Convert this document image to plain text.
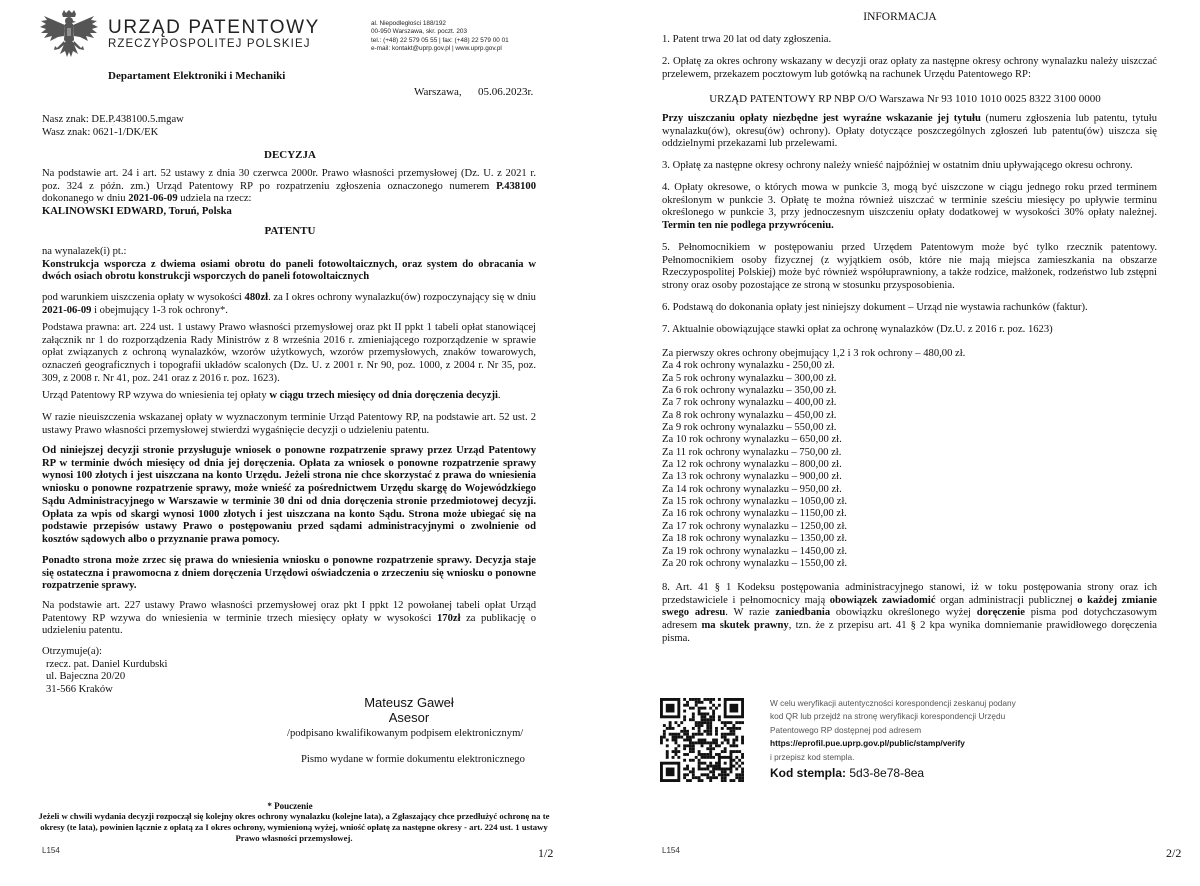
URZĄD PATENTOWY
RZECZYPOSPOLITEJ POLSKIEJ
al. Niepodległości 188/192
00-950 Warszawa, skr. poczt. 203
tel.: (+48) 22 579 05 55 | fax: (+48) 22 579 00 01
e-mail: kontakt@uprp.gov.pl | www.uprp.gov.pl
Departament Elektroniki i Mechaniki
Warszawa, 05.06.2023r.
Nasz znak: DE.P.438100.5.mgaw
Wasz znak: 0621-1/DK/EK
DECYZJA
Na podstawie art. 24 i art. 52 ustawy z dnia 30 czerwca 2000r. Prawo własności przemysłowej (Dz. U. z 2021 r. poz. 324 z późn. zm.) Urząd Patentowy RP po rozpatrzeniu zgłoszenia oznaczonego numerem P.438100 dokonanego w dniu 2021-06-09 udziela na rzecz:
KALINOWSKI EDWARD, Toruń, Polska
PATENTU
na wynalazek(i) pt.:
Konstrukcja wsporcza z dwiema osiami obrotu do paneli fotowoltaicznych, oraz system do obracania w dwóch osiach obrotu konstrukcji wsporczych do paneli fotowoltaicznych
pod warunkiem uiszczenia opłaty w wysokości 480zł. za I okres ochrony wynalazku(ów) rozpoczynający się w dniu 2021-06-09 i obejmujący 1-3 rok ochrony*.
Podstawa prawna: art. 224 ust. 1 ustawy Prawo własności przemysłowej oraz pkt II ppkt 1 tabeli opłat stanowiącej załącznik nr 1 do rozporządzenia Rady Ministrów z 8 września 2016 r. zmieniającego rozporządzenie w sprawie opłat związanych z ochroną wynalazków, wzorów użytkowych, wzorów przemysłowych, znaków towarowych, oznaczeń geograficznych i topografii układów scalonych (Dz. U. z 2001 r. Nr 90, poz. 1000, z 2004 r. Nr 35, poz. 309, z 2008 r. Nr 41, poz. 241 oraz z 2016 r. poz. 1623).
Urząd Patentowy RP wzywa do wniesienia tej opłaty w ciągu trzech miesięcy od dnia doręczenia decyzji.
W razie nieuiszczenia wskazanej opłaty w wyznaczonym terminie Urząd Patentowy RP, na podstawie art. 52 ust. 2 ustawy Prawo własności przemysłowej stwierdzi wygaśnięcie decyzji o udzieleniu patentu.
Od niniejszej decyzji stronie przysługuje wniosek o ponowne rozpatrzenie sprawy przez Urząd Patentowy RP w terminie dwóch miesięcy od dnia jej doręczenia. Opłata za wniosek o ponowne rozpatrzenie sprawy wynosi 100 złotych i jest uiszczana na konto Urzędu. Jeżeli strona nie chce skorzystać z prawa do wniesienia wniosku o ponowne rozpatrzenie sprawy, może wnieść za pośrednictwem Urzędu skargę do Wojewódzkiego Sądu Administracyjnego w Warszawie w terminie 30 dni od dnia doręczenia stronie przedmiotowej decyzji. Opłata za wpis od skargi wynosi 1000 złotych i jest uiszczana na konto Sądu. Strona może ubiegać się na podstawie przepisów ustawy Prawo o postępowaniu przed sądami administracyjnymi o zwolnienie od kosztów sądowych albo o przyznanie prawa pomocy.
Ponadto strona może zrzec się prawa do wniesienia wniosku o ponowne rozpatrzenie sprawy. Decyzja staje się ostateczna i prawomocna z dniem doręczenia Urzędowi oświadczenia o zrzeczeniu się wniosku o ponowne rozpatrzenie sprawy.
Na podstawie art. 227 ustawy Prawo własności przemysłowej oraz pkt I ppkt 12 powołanej tabeli opłat Urząd Patentowy RP wzywa do wniesienia w terminie trzech miesięcy opłaty w wysokości 170zł za publikację o udzieleniu patentu.
Otrzymuje(a):
rzecz. pat. Daniel Kurdubski
ul. Bajeczna 20/20
31-566 Kraków
Mateusz Gaweł
Asesor
/podpisano kwalifikowanym podpisem elektronicznym/
Pismo wydane w formie dokumentu elektronicznego
* Pouczenie
Jeżeli w chwili wydania decyzji rozpoczął się kolejny okres ochrony wynalazku (kolejne lata), a Zgłaszający chce przedłużyć ochronę na te okresy (te lata), powinien łącznie z opłatą za I okres ochrony, wymienioną wyżej, wniość opłatę za następne okresy - art. 224 ust. 1 ustawy Prawo własności przemysłowej.
L154	1/2
INFORMACJA
1. Patent trwa 20 lat od daty zgłoszenia.
2. Opłatę za okres ochrony wskazany w decyzji oraz opłaty za następne okresy ochrony wynalazku należy uiszczać przelewem, przekazem pocztowym lub gotówką na rachunek Urzędu Patentowego RP:
URZĄD PATENTOWY RP NBP O/O Warszawa Nr 93 1010 1010 0025 8322 3100 0000
Przy uiszczaniu opłaty niezbędne jest wyraźne wskazanie jej tytułu (numeru zgłoszenia lub patentu, tytułu wynalazku(ów), okresu(ów) ochrony). Opłaty dotyczące poszczególnych zgłoszeń lub patentu(ów) uiszcza się oddzielnymi przekazami lub przelewami.
3. Opłatę za następne okresy ochrony należy wnieść najpóźniej w ostatnim dniu upływającego okresu ochrony.
4. Opłaty okresowe, o których mowa w punkcie 3, mogą być uiszczone w ciągu jednego roku przed terminem określonym w punkcie 3. Opłatę te można również uiszczać w terminie sześciu miesięcy po upływie terminu określonego w punkcie 3, przy jednoczesnym uiszczeniu opłaty dodatkowej w wysokości 30% opłaty należnej. Termin ten nie podlega przywróceniu.
5. Pełnomocnikiem w postępowaniu przed Urzędem Patentowym może być tylko rzecznik patentowy. Pełnomocnikiem osoby fizycznej (z wyjątkiem osób, które nie mają miejsca zamieszkania na obszarze Rzeczypospolitej Polskiej) może być również współuprawniony, a także rodzice, małżonek, rodzeństwo lub zstępni strony oraz osoby pozostające ze stroną w stosunku przysposobienia.
6. Podstawą do dokonania opłaty jest niniejszy dokument – Urząd nie wystawia rachunków (faktur).
7. Aktualnie obowiązujące stawki opłat za ochronę wynalazków (Dz.U. z 2016 r. poz. 1623)
Za pierwszy okres ochrony obejmujący 1,2 i 3 rok ochrony – 480,00 zł.
Za 4 rok ochrony wynalazku - 250,00 zł.
Za 5 rok ochrony wynalazku – 300,00 zł.
Za 6 rok ochrony wynalazku – 350,00 zł.
Za 7 rok ochrony wynalazku – 400,00 zł.
Za 8 rok ochrony wynalazku – 450,00 zł.
Za 9 rok ochrony wynalazku – 550,00 zł.
Za 10 rok ochrony wynalazku – 650,00 zł.
Za 11 rok ochrony wynalazku – 750,00 zł.
Za 12 rok ochrony wynalazku – 800,00 zł.
Za 13 rok ochrony wynalazku – 900,00 zł.
Za 14 rok ochrony wynalazku – 950,00 zł.
Za 15 rok ochrony wynalazku – 1050,00 zł.
Za 16 rok ochrony wynalazku – 1150,00 zł.
Za 17 rok ochrony wynalazku – 1250,00 zł.
Za 18 rok ochrony wynalazku – 1350,00 zł.
Za 19 rok ochrony wynalazku – 1450,00 zł.
Za 20 rok ochrony wynalazku – 1550,00 zł.
8. Art. 41 § 1 Kodeksu postępowania administracyjnego stanowi, iż w toku postępowania strony oraz ich przedstawiciele i pełnomocnicy mają obowiązek zawiadomić organ administracji publicznej o każdej zmianie swego adresu. W razie zaniedbania obowiązku określonego wyżej doręczenie pisma pod dotychczasowym adresem ma skutek prawny, tzn. że z przepisu art. 41 § 2 kpa wynika domniemanie prawidłowego doręczenia pisma.
W celu weryfikacji autentyczności korespondencji zeskanuj podany
kod QR lub przejdź na stronę weryfikacji korespondencji Urzędu
Patentowego RP dostępnej pod adresem
https://eprofil.pue.uprp.gov.pl/public/stamp/verify
i przepisz kod stempla.
Kod stempla: 5d3-8e78-8ea
L154	2/2
